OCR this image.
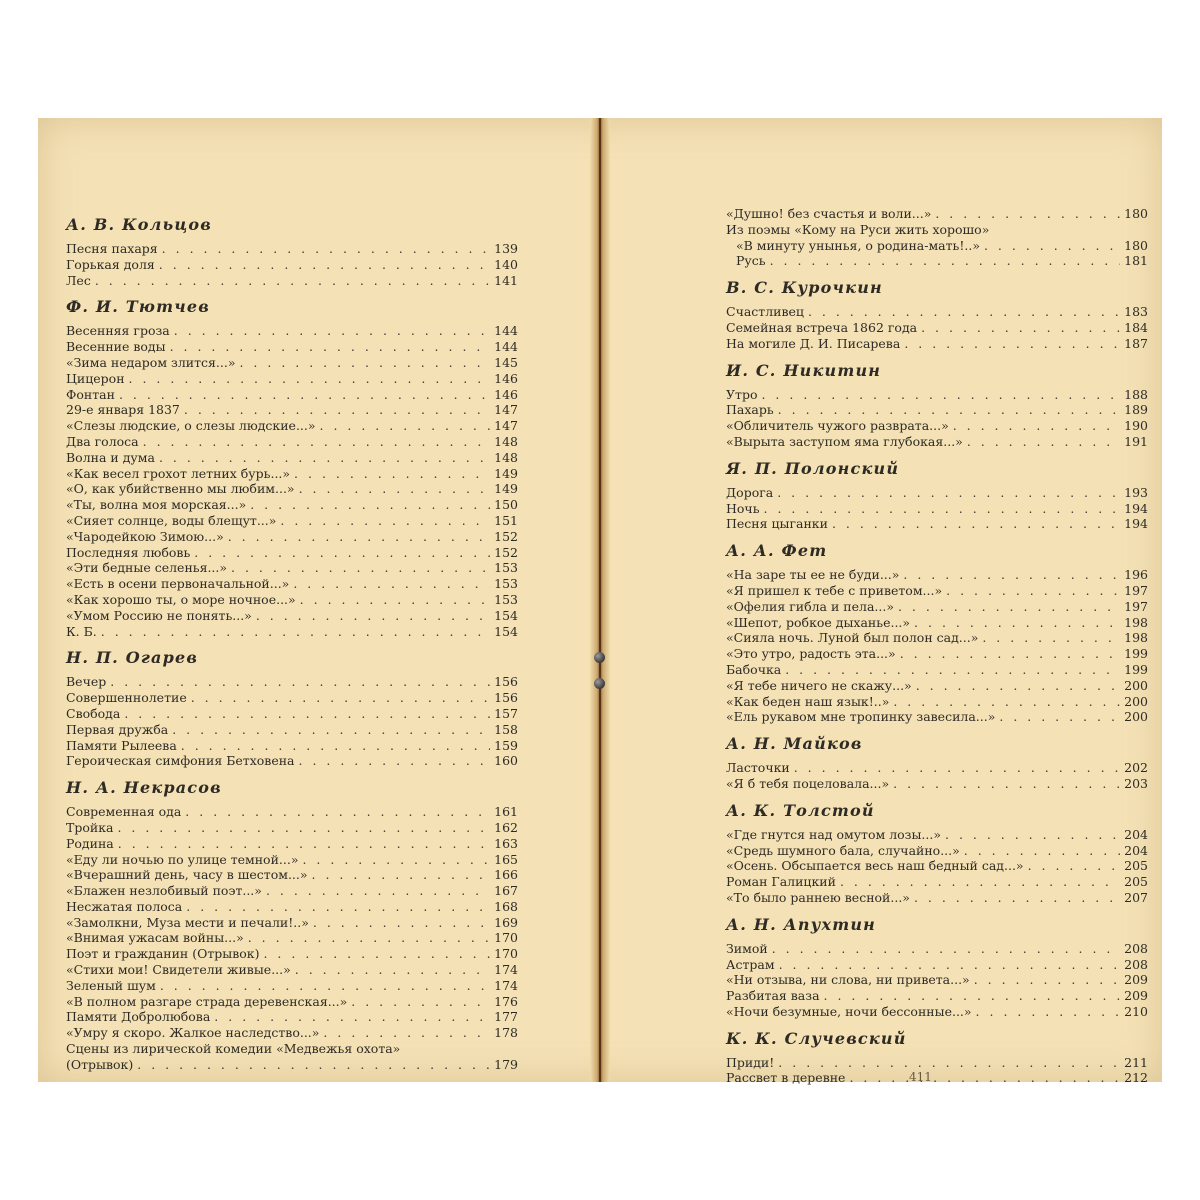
А. В. Кольцов
Песня пахаря . . .	139
Горькая доля . . .	140
Лес . . .	141
Ф. И. Тютчев
Весенняя гроза . . .	144
Весенние воды . . .	144
«Зима недаром злится...» . . .	145
Цицерон . . .	146
Фонтан . . .	146
29-е января 1837 . . .	147
«Слезы людские, о слезы людские...» . . .	147
Два голоса . . .	148
Волна и дума . . .	148
«Как весел грохот летних бурь...» . . .	149
«О, как убийственно мы любим...» . . .	149
«Ты, волна моя морская...» . . .	150
«Сияет солнце, воды блещут...» . . .	151
«Чародейкою Зимою...» . . .	152
Последняя любовь . . .	152
«Эти бедные селенья...» . . .	153
«Есть в осени первоначальной...» . . .	153
«Как хорошо ты, о море ночное...» . . .	153
«Умом Россию не понять...» . . .	154
К. Б. . . .	154
Н. П. Огарев
Вечер . . .	156
Совершеннолетие . . .	156
Свобода . . .	157
Первая дружба . . .	158
Памяти Рылеева . . .	159
Героическая симфония Бетховена . . .	160
Н. А. Некрасов
Современная ода . . .	161
Тройка . . .	162
Родина . . .	163
«Еду ли ночью по улице темной...» . . .	165
«Вчерашний день, часу в шестом...» . . .	166
«Блажен незлобивый поэт...» . . .	167
Несжатая полоса . . .	168
«Замолкни, Муза мести и печали!..» . . .	169
«Внимая ужасам войны...» . . .	170
Поэт и гражданин (Отрывок) . . .	170
«Стихи мои! Свидетели живые...» . . .	174
Зеленый шум . . .	174
«В полном разгаре страда деревенская...» . . .	176
Памяти Добролюбова . . .	177
«Умру я скоро. Жалкое наследство...» . . .	178
Сцены из лирической комедии «Медвежья охота»
(Отрывок) . . .	179
«Душно! без счастья и воли...» . . .	180
Из поэмы «Кому на Руси жить хорошо»
«В минуту унынья, о родина-мать!..» . . .	180
Русь . . .	181
В. С. Курочкин
Счастливец . . .	183
Семейная встреча 1862 года . . .	184
На могиле Д. И. Писарева . . .	187
И. С. Никитин
Утро . . .	188
Пахарь . . .	189
«Обличитель чужого разврата...» . . .	190
«Вырыта заступом яма глубокая...» . . .	191
Я. П. Полонский
Дорога . . .	193
Ночь . . .	194
Песня цыганки . . .	194
А. А. Фет
«На заре ты ее не буди...» . . .	196
«Я пришел к тебе с приветом...» . . .	197
«Офелия гибла и пела...» . . .	197
«Шепот, робкое дыханье...» . . .	198
«Сияла ночь. Луной был полон сад...» . . .	198
«Это утро, радость эта...» . . .	199
Бабочка . . .	199
«Я тебе ничего не скажу...» . . .	200
«Как беден наш язык!..» . . .	200
«Ель рукавом мне тропинку завесила...» . . .	200
А. Н. Майков
Ласточки . . .	202
«Я б тебя поцеловала...» . . .	203
А. К. Толстой
«Где гнутся над омутом лозы...» . . .	204
«Средь шумного бала, случайно...» . . .	204
«Осень. Обсыпается весь наш бедный сад...» . . .	205
Роман Галицкий . . .	205
«То было раннею весной...» . . .	207
А. Н. Апухтин
Зимой . . .	208
Астрам . . .	208
«Ни отзыва, ни слова, ни привета...» . . .	209
Разбитая ваза . . .	209
«Ночи безумные, ночи бессонные...» . . .	210
К. К. Случевский
Приди! . . .	211
Рассвет в деревне . . .	212
411
